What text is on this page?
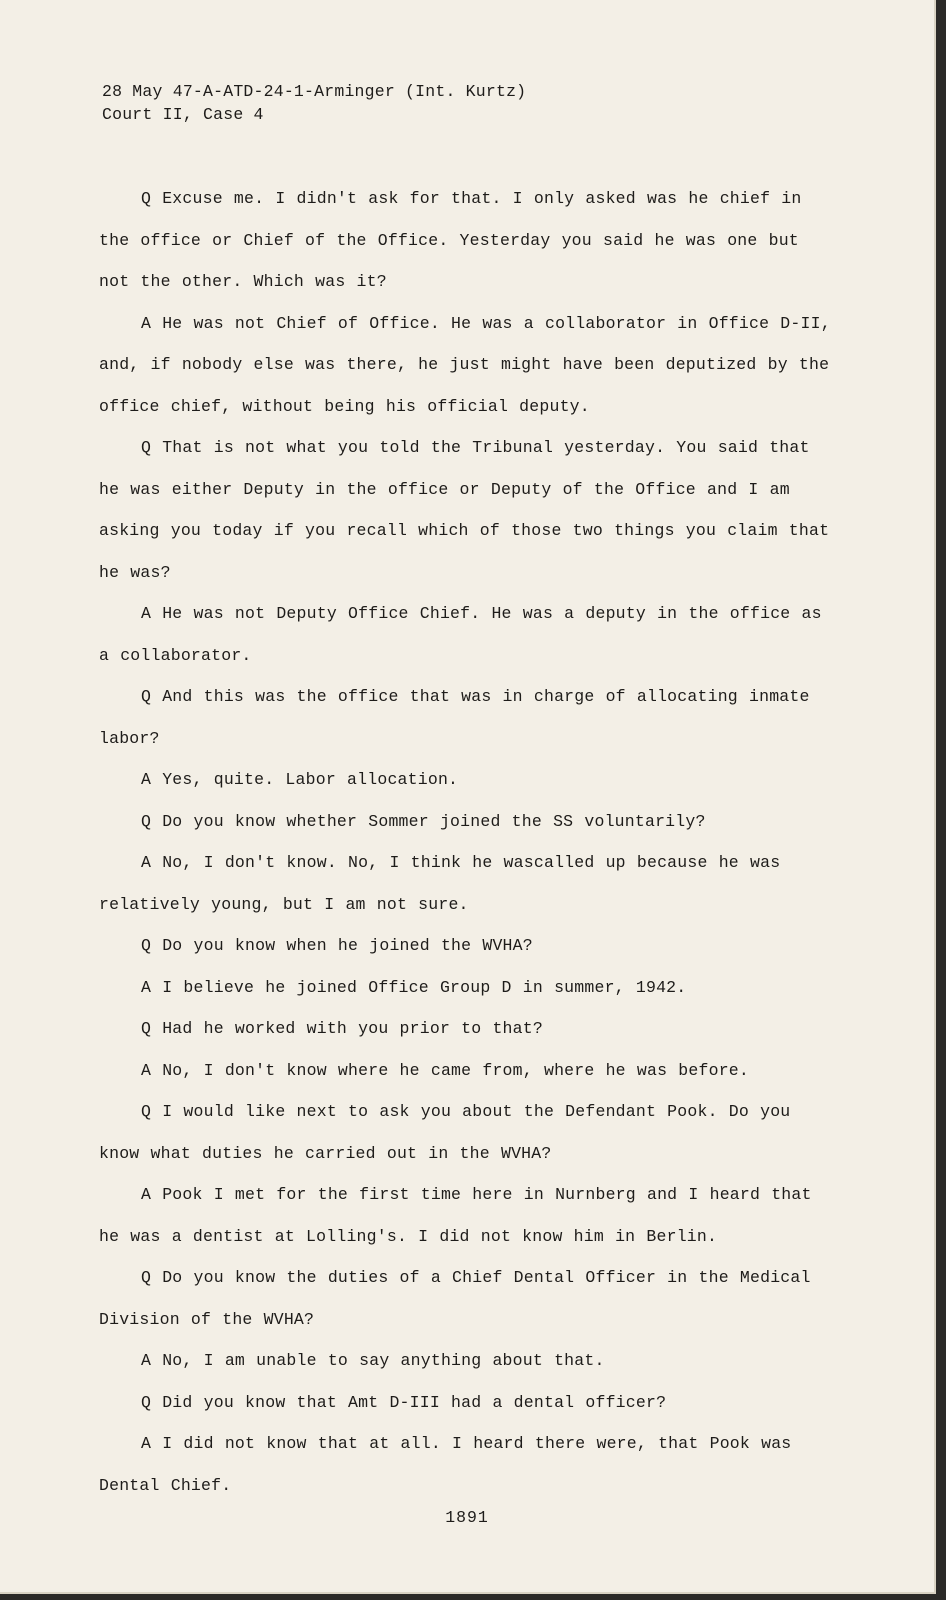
28 May 47-A-ATD-24-1-Arminger (Int. Kurtz)
Court II, Case 4

Q Excuse me. I didn't ask for that. I only asked was he chief in the office or Chief of the Office. Yesterday you said he was one but not the other. Which was it?

A He was not Chief of Office. He was a collaborator in Office D-II, and, if nobody else was there, he just might have been deputized by the office chief, without being his official deputy.

Q That is not what you told the Tribunal yesterday. You said that he was either Deputy in the office or Deputy of the Office and I am asking you today if you recall which of those two things you claim that he was?

A He was not Deputy Office Chief. He was a deputy in the office as a collaborator.

Q And this was the office that was in charge of allocating inmate labor?

A Yes, quite. Labor allocation.

Q Do you know whether Sommer joined the SS voluntarily?

A No, I don't know. No, I think he wascalled up because he was relatively young, but I am not sure.

Q Do you know when he joined the WVHA?

A I believe he joined Office Group D in summer, 1942.

Q Had he worked with you prior to that?

A No, I don't know where he came from, where he was before.

Q I would like next to ask you about the Defendant Pook. Do you know what duties he carried out in the WVHA?

A Pook I met for the first time here in Nurnberg and I heard that he was a dentist at Lolling's. I did not know him in Berlin.

Q Do you know the duties of a Chief Dental Officer in the Medical Division of the WVHA?

A No, I am unable to say anything about that.

Q Did you know that Amt D-III had a dental officer?

A I did not know that at all. I heard there were, that Pook was Dental Chief.

1891
